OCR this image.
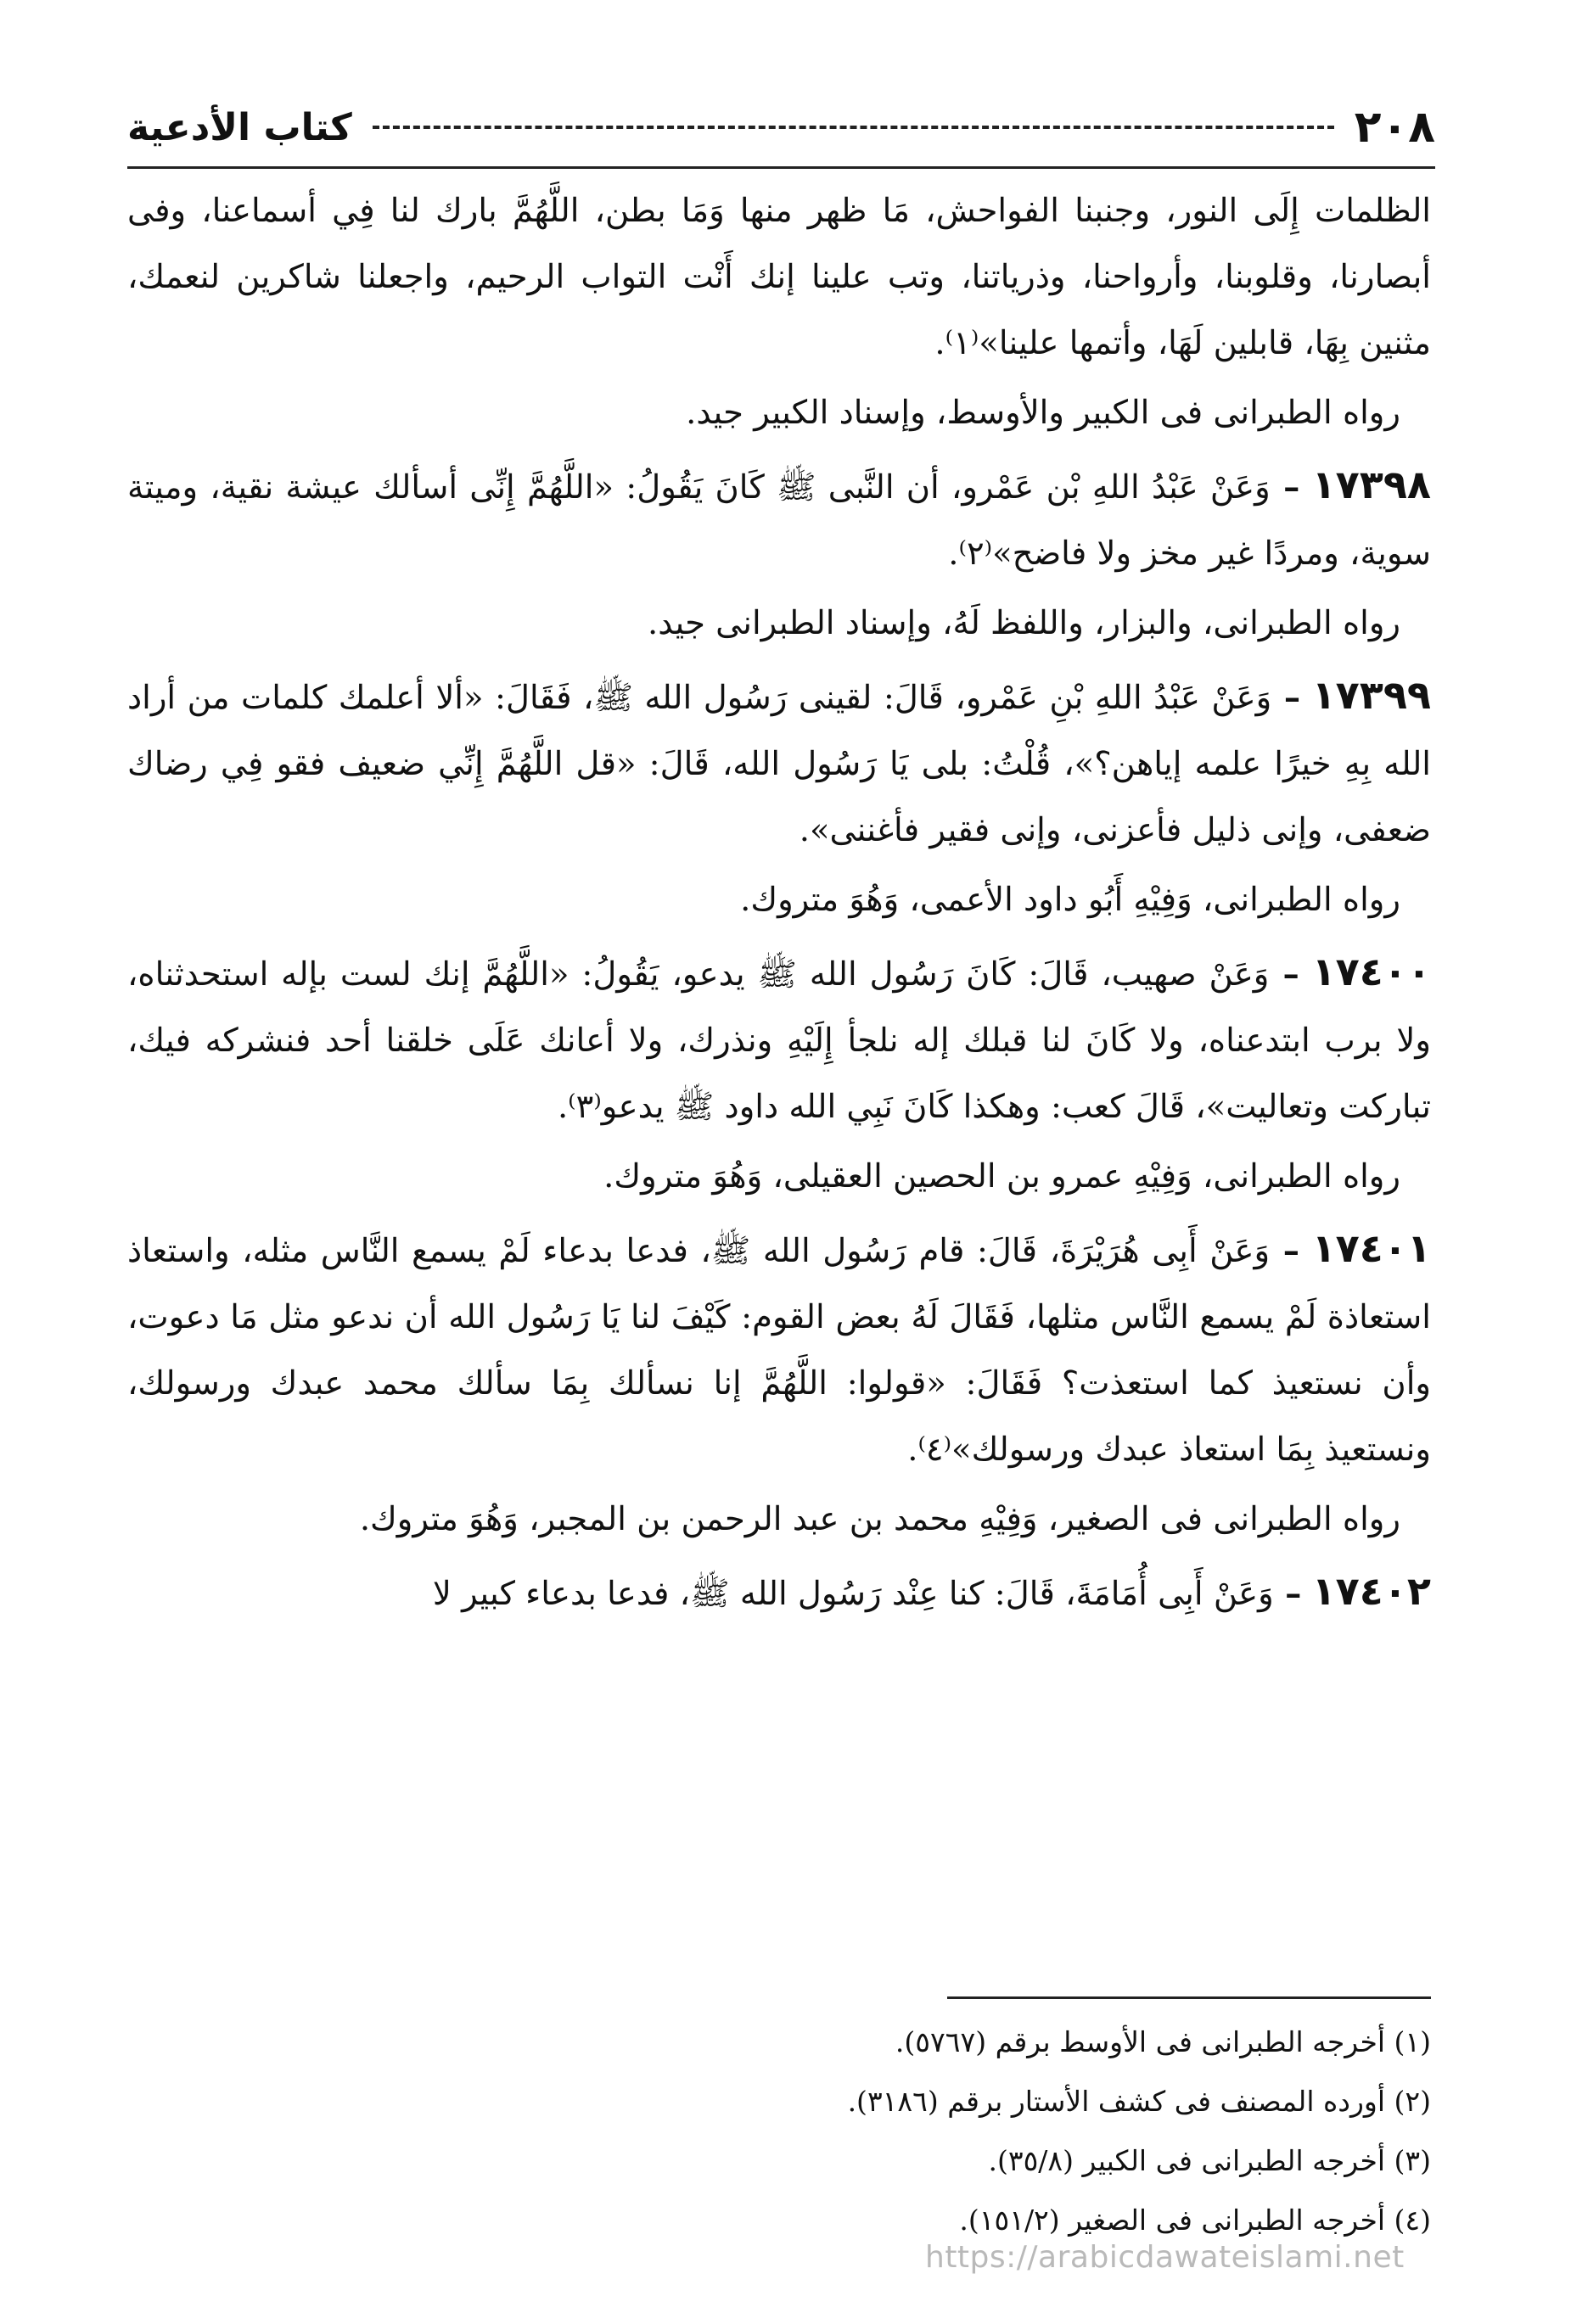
٢٠٨
كتاب الأدعية

الظلمات إِلَى النور، وجنبنا الفواحش، مَا ظهر منها وَمَا بطن، اللَّهُمَّ بارك لنا فِي أسماعنا، وفى أبصارنا، وقلوبنا، وأرواحنا، وذرياتنا، وتب علينا إنك أَنْت التواب الرحيم، واجعلنا شاكرين لنعمك، مثنين بِهَا، قابلين لَهَا، وأتمها علينا»⁽١⁾.

رواه الطبرانى فى الكبير والأوسط، وإسناد الكبير جيد.

١٧٣٩٨ – وَعَنْ عَبْدُ اللهِ بْن عَمْرو، أن النَّبى ﷺ كَانَ يَقُولُ: «اللَّهُمَّ إِنِّى أسألك عيشة نقية، وميتة سوية، ومردًا غير مخز ولا فاضح»⁽٢⁾.

رواه الطبرانى، والبزار، واللفظ لَهُ، وإسناد الطبرانى جيد.

١٧٣٩٩ – وَعَنْ عَبْدُ اللهِ بْنِ عَمْرو، قَالَ: لقينى رَسُول الله ﷺ، فَقَالَ: «ألا أعلمك كلمات من أراد الله بِهِ خيرًا علمه إياهن؟»، قُلْتُ: بلى يَا رَسُول الله، قَالَ: «قل اللَّهُمَّ إِنِّي ضعيف فقو فِي رضاك ضعفى، وإنى ذليل فأعزنى، وإنى فقير فأغننى».

رواه الطبرانى، وَفِيْهِ أَبُو داود الأعمى، وَهُوَ متروك.

١٧٤٠٠ – وَعَنْ صهيب، قَالَ: كَانَ رَسُول الله ﷺ يدعو، يَقُولُ: «اللَّهُمَّ إنك لست بإله استحدثناه، ولا برب ابتدعناه، ولا كَانَ لنا قبلك إله نلجأ إِلَيْهِ ونذرك، ولا أعانك عَلَى خلقنا أحد فنشركه فيك، تباركت وتعاليت»، قَالَ كعب: وهكذا كَانَ نَبِي الله داود ﷺ يدعو⁽٣⁾.

رواه الطبرانى، وَفِيْهِ عمرو بن الحصين العقيلى، وَهُوَ متروك.

١٧٤٠١ – وَعَنْ أَبِى هُرَيْرَةَ، قَالَ: قام رَسُول الله ﷺ، فدعا بدعاء لَمْ يسمع النَّاس مثله، واستعاذ استعاذة لَمْ يسمع النَّاس مثلها، فَقَالَ لَهُ بعض القوم: كَيْفَ لنا يَا رَسُول الله أن ندعو مثل مَا دعوت، وأن نستعيذ كما استعذت؟ فَقَالَ: «قولوا: اللَّهُمَّ إنا نسألك بِمَا سألك محمد عبدك ورسولك، ونستعيذ بِمَا استعاذ عبدك ورسولك»⁽٤⁾.

رواه الطبرانى فى الصغير، وَفِيْهِ محمد بن عبد الرحمن بن المجبر، وَهُوَ متروك.

١٧٤٠٢ – وَعَنْ أَبِى أُمَامَةَ، قَالَ: كنا عِنْد رَسُول الله ﷺ، فدعا بدعاء كبير لا

(١) أخرجه الطبرانى فى الأوسط برقم (٥٧٦٧).

(٢) أورده المصنف فى كشف الأستار برقم (٣١٨٦).

(٣) أخرجه الطبرانى فى الكبير (٣٥/٨).

(٤) أخرجه الطبرانى فى الصغير (١٥١/٢).

https://arabicdawateislami.net
